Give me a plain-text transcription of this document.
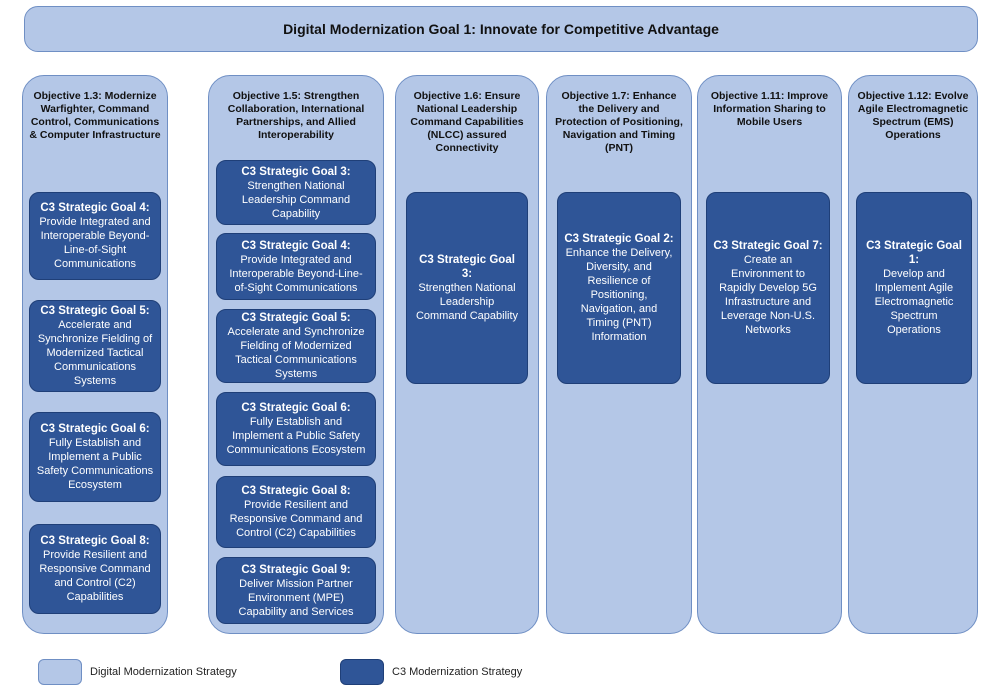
Digital Modernization Goal 1: Innovate for Competitive Advantage
Objective 1.3: Modernize Warfighter, Command Control, Communications & Computer Infrastructure
C3 Strategic Goal 4:
Provide Integrated and Interoperable Beyond-Line-of-Sight Communications
C3 Strategic Goal 5:
Accelerate and Synchronize Fielding of Modernized Tactical Communications Systems
C3 Strategic Goal 6:
Fully Establish and Implement a Public Safety Communications Ecosystem
C3 Strategic Goal 8:
Provide Resilient and Responsive Command and Control (C2) Capabilities
Objective 1.5: Strengthen Collaboration, International Partnerships, and Allied Interoperability
C3 Strategic Goal 3:
Strengthen National Leadership Command Capability
C3 Strategic Goal 4:
Provide Integrated and Interoperable Beyond-Line-of-Sight Communications
C3 Strategic Goal 5:
Accelerate and Synchronize Fielding of Modernized Tactical Communications Systems
C3 Strategic Goal 6:
Fully Establish and Implement a Public Safety Communications Ecosystem
C3 Strategic Goal 8:
Provide Resilient and Responsive Command and Control (C2) Capabilities
C3 Strategic Goal 9:
Deliver Mission Partner Environment (MPE) Capability and Services
Objective 1.6: Ensure National Leadership Command Capabilities (NLCC) assured Connectivity
C3 Strategic Goal 3:
Strengthen National Leadership Command Capability
Objective 1.7: Enhance the Delivery and Protection of Positioning, Navigation and Timing (PNT)
C3 Strategic Goal 2:
Enhance the Delivery, Diversity, and Resilience of Positioning, Navigation, and Timing (PNT) Information
Objective 1.11: Improve Information Sharing to Mobile Users
C3 Strategic Goal 7:
Create an Environment to Rapidly Develop 5G Infrastructure and Leverage Non-U.S. Networks
Objective 1.12: Evolve Agile Electromagnetic Spectrum (EMS) Operations
C3 Strategic Goal 1:
Develop and Implement Agile Electromagnetic Spectrum Operations
Digital Modernization Strategy	C3 Modernization Strategy
